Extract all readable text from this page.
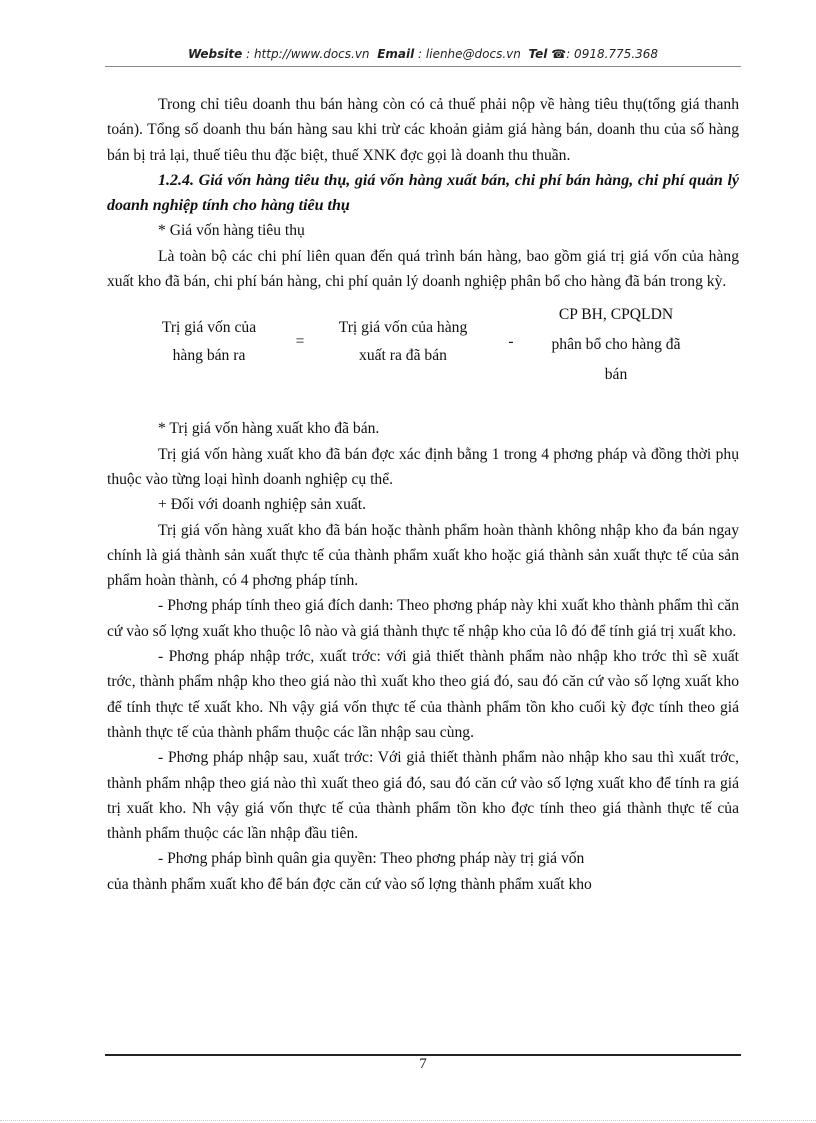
Website : http://www.docs.vn Email : lienhe@docs.vn Tel ☎: 0918.775.368

Trong chỉ tiêu doanh thu bán hàng còn có cả thuế phải nộp về hàng tiêu thụ(tổng giá thanh toán). Tổng số doanh thu bán hàng sau khi trừ các khoản giảm giá hàng bán, doanh thu của số hàng bán bị trả lại, thuế tiêu thu đặc biệt, thuế XNK đợc gọi là doanh thu thuần.

1.2.4. Giá vốn hàng tiêu thụ, giá vốn hàng xuất bán, chi phí bán hàng, chi phí quản lý doanh nghiệp tính cho hàng tiêu thụ

* Giá vốn hàng tiêu thụ

Là toàn bộ các chi phí liên quan đến quá trình bán hàng, bao gồm giá trị giá vốn của hàng xuất kho đã bán, chi phí bán hàng, chi phí quản lý doanh nghiệp phân bổ cho hàng đã bán trong kỳ.

Trị giá vốn của
hàng bán ra
=
Trị giá vốn của hàng
xuất ra đã bán
-
CP BH, CPQLDN
phân bổ cho hàng đã
bán

* Trị giá vốn hàng xuất kho đã bán.

Trị giá vốn hàng xuất kho đã bán đợc xác định bằng 1 trong 4 phơng pháp và đồng thời phụ thuộc vào từng loại hình doanh nghiệp cụ thể.

+ Đối với doanh nghiệp sản xuất.

Trị giá vốn hàng xuất kho đã bán hoặc thành phẩm hoàn thành không nhập kho đa bán ngay chính là giá thành sản xuất thực tế của thành phẩm xuất kho hoặc giá thành sản xuất thực tế của sản phẩm hoàn thành, có 4 phơng pháp tính.

- Phơng pháp tính theo giá đích danh: Theo phơng pháp này khi xuất kho thành phẩm thì căn cứ vào số lợng xuất kho thuộc lô nào và giá thành thực tế nhập kho của lô đó để tính giá trị xuất kho.

- Phơng pháp nhập trớc, xuất trớc: với giả thiết thành phẩm nào nhập kho trớc thì sẽ xuất trớc, thành phẩm nhập kho theo giá nào thì xuất kho theo giá đó, sau đó căn cứ vào số lợng xuất kho để tính thực tế xuất kho. Nh vậy giá vốn thực tế của thành phẩm tồn kho cuối kỳ đợc tính theo giá thành thực tế của thành phẩm thuộc các lần nhập sau cùng.

- Phơng pháp nhập sau, xuất trớc: Với giả thiết thành phẩm nào nhập kho sau thì xuất trớc, thành phẩm nhập theo giá nào thì xuất theo giá đó, sau đó căn cứ vào số lợng xuất kho để tính ra giá trị xuất kho. Nh vậy giá vốn thực tế của thành phẩm tồn kho đợc tính theo giá thành thực tế của thành phẩm thuộc các lần nhập đầu tiên.

- Phơng pháp bình quân gia quyền: Theo phơng pháp này trị giá vốn

của thành phẩm xuất kho để bán đợc căn cứ vào số lợng thành phẩm xuất kho

7
